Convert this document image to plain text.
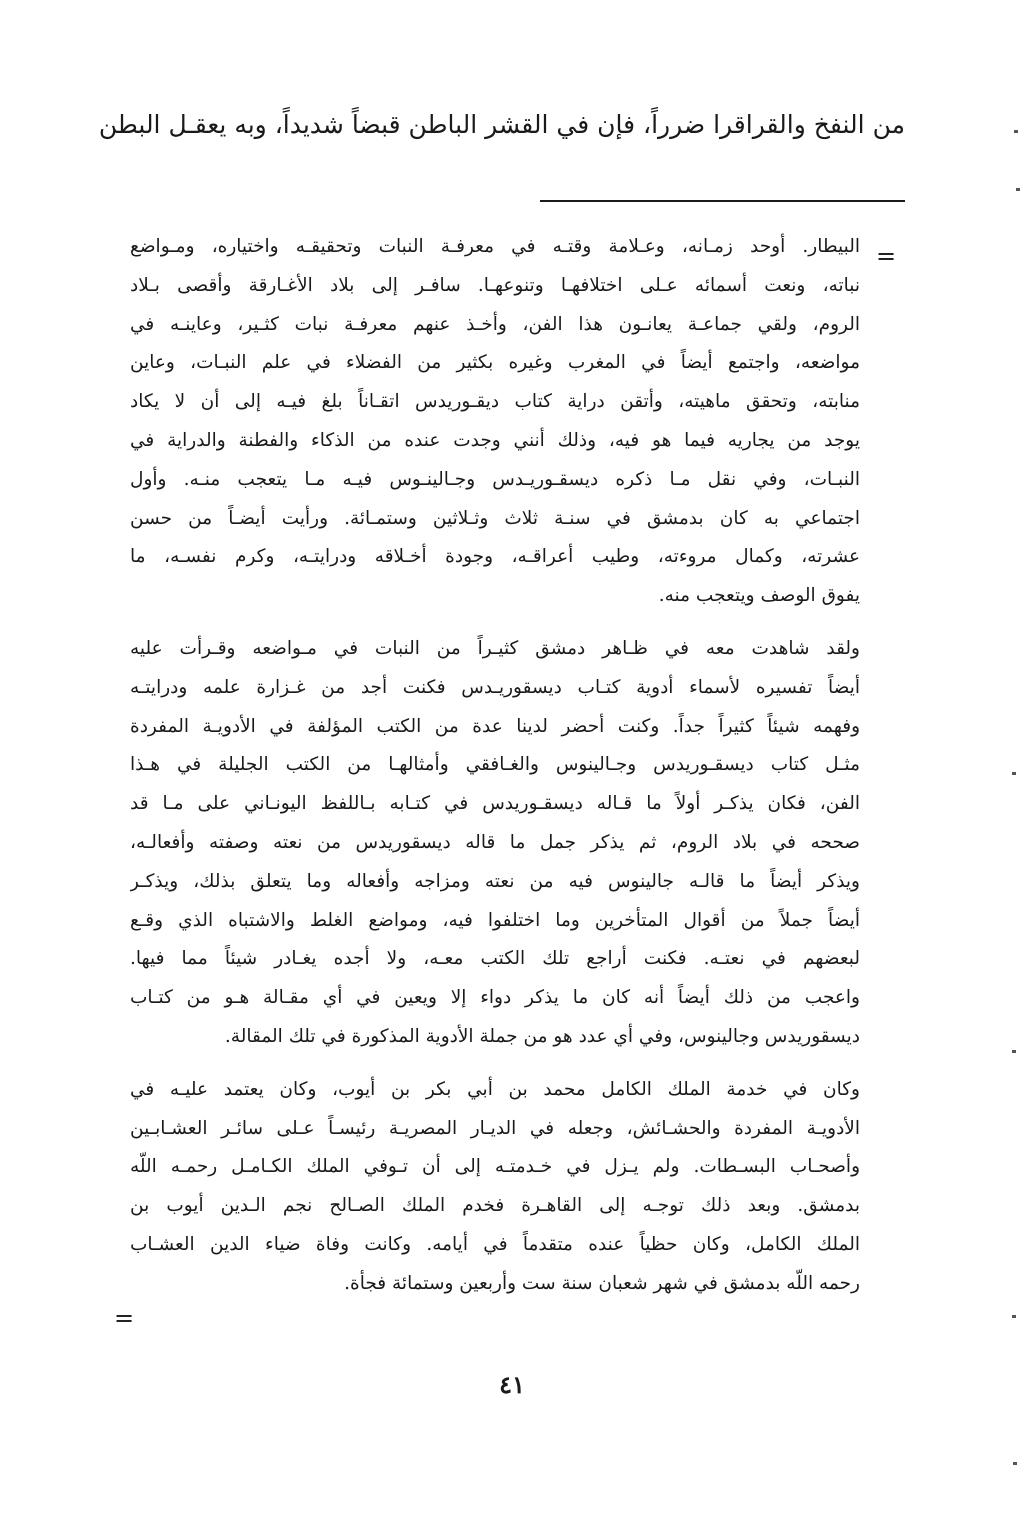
من النفخ والقراقرا ضرراً، فإن في القشر الباطن قبضاً شديداً، وبه يعقـل البطن
=
البيطار. أوحد زمـانه، وعـلامة وقتـه في معرفـة النبات وتحقيقـه واختياره، ومـواضع
نباته، ونعت أسمائه عـلى اختلافهـا وتنوعهـا. سافـر إلى بلاد الأغـارقة وأقصى بـلاد
الروم، ولقي جماعـة يعانـون هذا الفن، وأخـذ عنهم معرفـة نبات كثـير، وعاينـه في
مواضعه، واجتمع أيضاً في المغرب وغيره بكثير من الفضلاء في علم النبـات، وعاين
منابته، وتحقق ماهيته، وأتقن دراية كتاب ديقـوريدس اتقـاناً بلغ فيـه إلى أن لا يكاد
يوجد من يجاريه فيما هو فيه، وذلك أنني وجدت عنده من الذكاء والفطنة والدراية في
النبـات، وفي نقل مـا ذكره ديسقـوريـدس وجـالينـوس فيـه مـا يتعجب منـه. وأول
اجتماعي به كان بدمشق في سنـة ثلاث وثـلاثين وستمـائة. ورأيت أيضـاً من حسن
عشرته، وكمال مروءته، وطيب أعراقـه، وجودة أخـلاقه ودرايتـه، وكرم نفسـه، ما
يفوق الوصف ويتعجب منه.
ولقد شاهدت معه في ظـاهر دمشق كثيـراً من النبات في مـواضعه وقـرأت عليه
أيضاً تفسيره لأسماء أدوية كتـاب ديسقوريـدس فكنت أجد من غـزارة علمه ودرايتـه
وفهمه شيئاً كثيراً جداً. وكنت أحضر لدينا عدة من الكتب المؤلفة في الأدويـة المفردة
مثـل كتاب ديسقـوريدس وجـالينوس والغـافقي وأمثالهـا من الكتب الجليلة في هـذا
الفن، فكان يذكـر أولاً ما قـاله ديسقـوريدس في كتـابه بـاللفظ اليونـاني على مـا قد
صححه في بلاد الروم، ثم يذكر جمل ما قاله ديسقوريدس من نعته وصفته وأفعالـه،
ويذكر أيضاً ما قالـه جالينوس فيه من نعته ومزاجه وأفعاله وما يتعلق بذلك، ويذكـر
أيضاً جملاً من أقوال المتأخرين وما اختلفوا فيه، ومواضع الغلط والاشتباه الذي وقـع
لبعضهم في نعتـه. فكنت أراجع تلك الكتب معـه، ولا أجده يغـادر شيئاً مما فيها.
واعجب من ذلك أيضاً أنه كان ما يذكر دواء إلا ويعين في أي مقـالة هـو من كتـاب
ديسقوريدس وجالينوس، وفي أي عدد هو من جملة الأدوية المذكورة في تلك المقالة.
وكان في خدمة الملك الكامل محمد بن أبي بكر بن أيوب، وكان يعتمد عليـه في
الأدويـة المفردة والحشـائش، وجعله في الديـار المصريـة رئيسـاً عـلى سائـر العشـابـين
وأصحـاب البسـطات. ولم يـزل في خـدمتـه إلى أن تـوفي الملك الكـامـل رحمـه اللّه
بدمشق. وبعد ذلك توجـه إلى القاهـرة فخدم الملك الصـالح نجم الـدين أيوب بن
الملك الكامل، وكان حظياً عنده متقدماً في أيامه. وكانت وفاة ضياء الدين العشـاب
رحمه اللّه بدمشق في شهر شعبان سنة ست وأربعين وستمائة فجأة.
=
٤١
